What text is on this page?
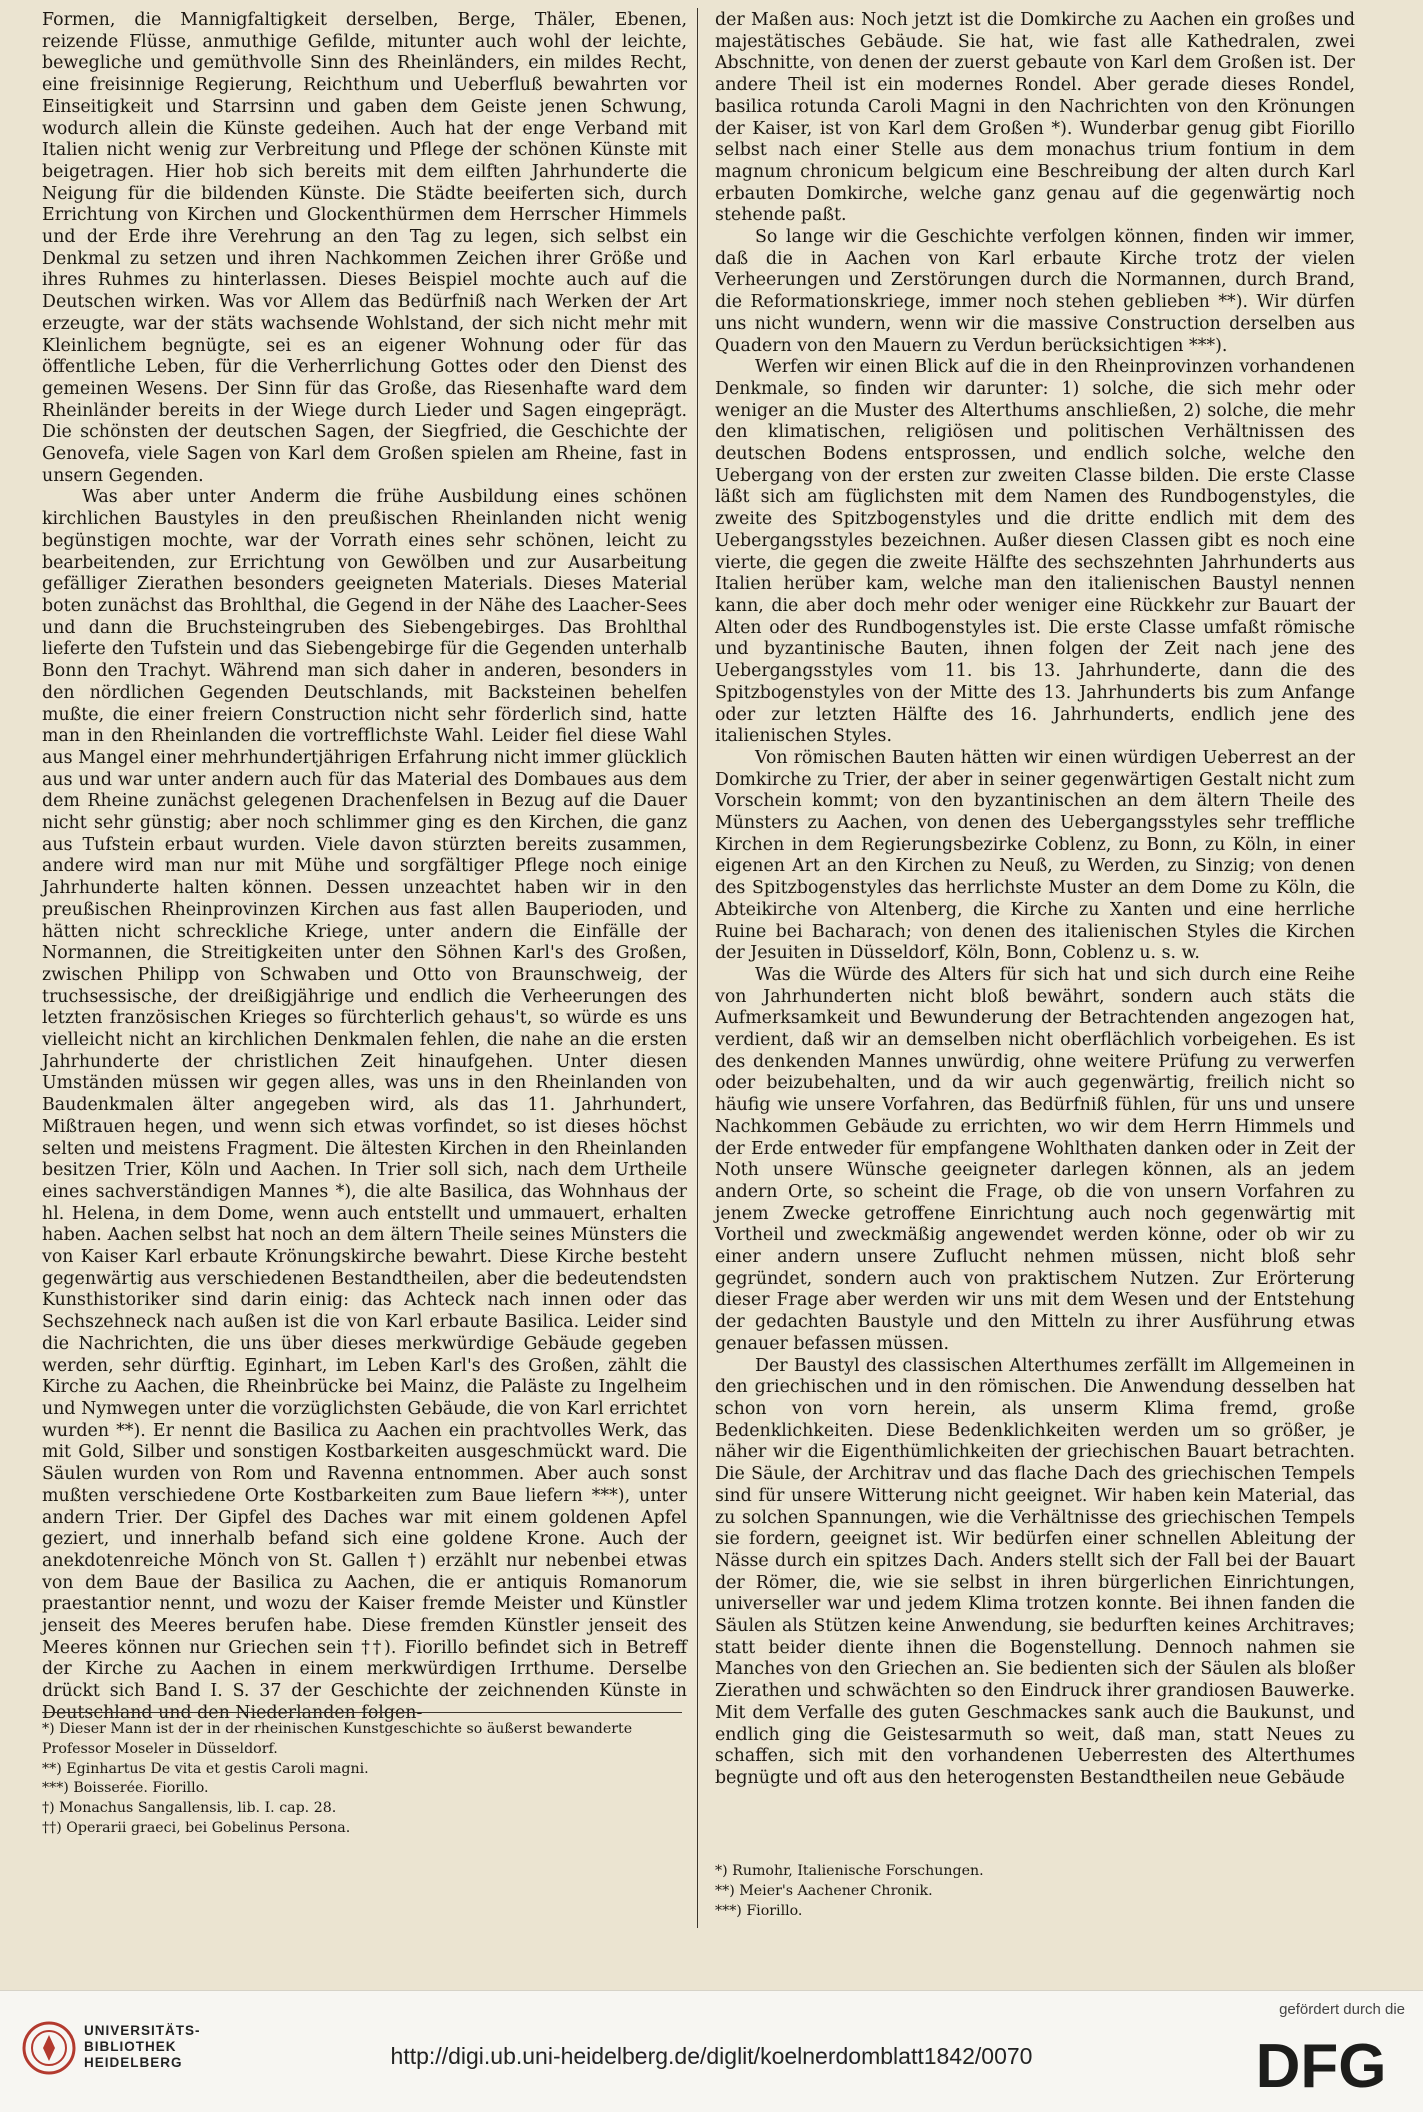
Formen, die Mannigfaltigkeit derselben, Berge, Thäler, Ebenen, reizende Flüsse, anmuthige Gefilde, mitunter auch wohl der leichte, bewegliche und gemüthvolle Sinn des Rheinländers, ein mildes Recht, eine freisinnige Regierung, Reichthum und Ueberfluß bewahrten vor Einseitigkeit und Starrsinn und gaben dem Geiste jenen Schwung, wodurch allein die Künste gedeihen. Auch hat der enge Verband mit Italien nicht wenig zur Verbreitung und Pflege der schönen Künste mit beigetragen. Hier hob sich bereits mit dem eilften Jahrhunderte die Neigung für die bildenden Künste. Die Städte beeiferten sich, durch Errichtung von Kirchen und Glockenthürmen dem Herrscher Himmels und der Erde ihre Verehrung an den Tag zu legen, sich selbst ein Denkmal zu setzen und ihren Nachkommen Zeichen ihrer Größe und ihres Ruhmes zu hinterlassen. Dieses Beispiel mochte auch auf die Deutschen wirken. Was vor Allem das Bedürfniß nach Werken der Art erzeugte, war der stäts wachsende Wohlstand, der sich nicht mehr mit Kleinlichem begnügte, sei es an eigener Wohnung oder für das öffentliche Leben, für die Verherrlichung Gottes oder den Dienst des gemeinen Wesens. Der Sinn für das Große, das Riesenhafte ward dem Rheinländer bereits in der Wiege durch Lieder und Sagen eingeprägt. Die schönsten der deutschen Sagen, der Siegfried, die Geschichte der Genovefa, viele Sagen von Karl dem Großen spielen am Rheine, fast in unsern Gegenden.

Was aber unter Anderm die frühe Ausbildung eines schönen kirchlichen Baustyles in den preußischen Rheinlanden nicht wenig begünstigen mochte, war der Vorrath eines sehr schönen, leicht zu bearbeitenden, zur Errichtung von Gewölben und zur Ausarbeitung gefälliger Zierathen besonders geeigneten Materials. Dieses Material boten zunächst das Brohlthal, die Gegend in der Nähe des Laacher-Sees und dann die Bruchsteingruben des Siebengebirges. Das Brohlthal lieferte den Tufstein und das Siebengebirge für die Gegenden unterhalb Bonn den Trachyt. Während man sich daher in anderen, besonders in den nördlichen Gegenden Deutschlands, mit Backsteinen behelfen mußte, die einer freiern Construction nicht sehr förderlich sind, hatte man in den Rheinlanden die vortrefflichste Wahl. Leider fiel diese Wahl aus Mangel einer mehrhundertjährigen Erfahrung nicht immer glücklich aus und war unter andern auch für das Material des Dombaues aus dem dem Rheine zunächst gelegenen Drachenfelsen in Bezug auf die Dauer nicht sehr günstig; aber noch schlimmer ging es den Kirchen, die ganz aus Tufstein erbaut wurden. Viele davon stürzten bereits zusammen, andere wird man nur mit Mühe und sorgfältiger Pflege noch einige Jahrhunderte halten können. Dessen unzeachtet haben wir in den preußischen Rheinprovinzen Kirchen aus fast allen Bauperioden, und hätten nicht schreckliche Kriege, unter andern die Einfälle der Normannen, die Streitigkeiten unter den Söhnen Karl's des Großen, zwischen Philipp von Schwaben und Otto von Braunschweig, der truchsessische, der dreißigjährige und endlich die Verheerungen des letzten französischen Krieges so fürchterlich gehaus't, so würde es uns vielleicht nicht an kirchlichen Denkmalen fehlen, die nahe an die ersten Jahrhunderte der christlichen Zeit hinaufgehen. Unter diesen Umständen müssen wir gegen alles, was uns in den Rheinlanden von Baudenkmalen älter angegeben wird, als das 11. Jahrhundert, Mißtrauen hegen, und wenn sich etwas vorfindet, so ist dieses höchst selten und meistens Fragment. Die ältesten Kirchen in den Rheinlanden besitzen Trier, Köln und Aachen. In Trier soll sich, nach dem Urtheile eines sachverständigen Mannes *), die alte Basilica, das Wohnhaus der hl. Helena, in dem Dome, wenn auch entstellt und ummauert, erhalten haben. Aachen selbst hat noch an dem ältern Theile seines Münsters die von Kaiser Karl erbaute Krönungskirche bewahrt. Diese Kirche besteht gegenwärtig aus verschiedenen Bestandtheilen, aber die bedeutendsten Kunsthistoriker sind darin einig: das Achteck nach innen oder das Sechszehneck nach außen ist die von Karl erbaute Basilica. Leider sind die Nachrichten, die uns über dieses merkwürdige Gebäude gegeben werden, sehr dürftig. Eginhart, im Leben Karl's des Großen, zählt die Kirche zu Aachen, die Rheinbrücke bei Mainz, die Paläste zu Ingelheim und Nymwegen unter die vorzüglichsten Gebäude, die von Karl errichtet wurden **). Er nennt die Basilica zu Aachen ein prachtvolles Werk, das mit Gold, Silber und sonstigen Kostbarkeiten ausgeschmückt ward. Die Säulen wurden von Rom und Ravenna entnommen. Aber auch sonst mußten verschiedene Orte Kostbarkeiten zum Baue liefern ***), unter andern Trier. Der Gipfel des Daches war mit einem goldenen Apfel geziert, und innerhalb befand sich eine goldene Krone. Auch der anekdotenreiche Mönch von St. Gallen †) erzählt nur nebenbei etwas von dem Baue der Basilica zu Aachen, die er antiquis Romanorum praestantior nennt, und wozu der Kaiser fremde Meister und Künstler jenseit des Meeres berufen habe. Diese fremden Künstler jenseit des Meeres können nur Griechen sein ††). Fiorillo befindet sich in Betreff der Kirche zu Aachen in einem merkwürdigen Irrthume. Derselbe drückt sich Band I. S. 37 der Geschichte der zeichnenden Künste in Deutschland und den Niederlanden folgen-

der Maßen aus: Noch jetzt ist die Domkirche zu Aachen ein großes und majestätisches Gebäude. Sie hat, wie fast alle Kathedralen, zwei Abschnitte, von denen der zuerst gebaute von Karl dem Großen ist. Der andere Theil ist ein modernes Rondel. Aber gerade dieses Rondel, basilica rotunda Caroli Magni in den Nachrichten von den Krönungen der Kaiser, ist von Karl dem Großen *). Wunderbar genug gibt Fiorillo selbst nach einer Stelle aus dem monachus trium fontium in dem magnum chronicum belgicum eine Beschreibung der alten durch Karl erbauten Domkirche, welche ganz genau auf die gegenwärtig noch stehende paßt.

So lange wir die Geschichte verfolgen können, finden wir immer, daß die in Aachen von Karl erbaute Kirche trotz der vielen Verheerungen und Zerstörungen durch die Normannen, durch Brand, die Reformationskriege, immer noch stehen geblieben **). Wir dürfen uns nicht wundern, wenn wir die massive Construction derselben aus Quadern von den Mauern zu Verdun berücksichtigen ***).

Werfen wir einen Blick auf die in den Rheinprovinzen vorhandenen Denkmale, so finden wir darunter: 1) solche, die sich mehr oder weniger an die Muster des Alterthums anschließen, 2) solche, die mehr den klimatischen, religiösen und politischen Verhältnissen des deutschen Bodens entsprossen, und endlich solche, welche den Uebergang von der ersten zur zweiten Classe bilden. Die erste Classe läßt sich am füglichsten mit dem Namen des Rundbogenstyles, die zweite des Spitzbogenstyles und die dritte endlich mit dem des Uebergangsstyles bezeichnen. Außer diesen Classen gibt es noch eine vierte, die gegen die zweite Hälfte des sechszehnten Jahrhunderts aus Italien herüber kam, welche man den italienischen Baustyl nennen kann, die aber doch mehr oder weniger eine Rückkehr zur Bauart der Alten oder des Rundbogenstyles ist. Die erste Classe umfaßt römische und byzantinische Bauten, ihnen folgen der Zeit nach jene des Uebergangsstyles vom 11. bis 13. Jahrhunderte, dann die des Spitzbogenstyles von der Mitte des 13. Jahrhunderts bis zum Anfange oder zur letzten Hälfte des 16. Jahrhunderts, endlich jene des italienischen Styles.

Von römischen Bauten hätten wir einen würdigen Ueberrest an der Domkirche zu Trier, der aber in seiner gegenwärtigen Gestalt nicht zum Vorschein kommt; von den byzantinischen an dem ältern Theile des Münsters zu Aachen, von denen des Uebergangsstyles sehr treffliche Kirchen in dem Regierungsbezirke Coblenz, zu Bonn, zu Köln, in einer eigenen Art an den Kirchen zu Neuß, zu Werden, zu Sinzig; von denen des Spitzbogenstyles das herrlichste Muster an dem Dome zu Köln, die Abteikirche von Altenberg, die Kirche zu Xanten und eine herrliche Ruine bei Bacharach; von denen des italienischen Styles die Kirchen der Jesuiten in Düsseldorf, Köln, Bonn, Coblenz u. s. w.

Was die Würde des Alters für sich hat und sich durch eine Reihe von Jahrhunderten nicht bloß bewährt, sondern auch stäts die Aufmerksamkeit und Bewunderung der Betrachtenden angezogen hat, verdient, daß wir an demselben nicht oberflächlich vorbeigehen. Es ist des denkenden Mannes unwürdig, ohne weitere Prüfung zu verwerfen oder beizubehalten, und da wir auch gegenwärtig, freilich nicht so häufig wie unsere Vorfahren, das Bedürfniß fühlen, für uns und unsere Nachkommen Gebäude zu errichten, wo wir dem Herrn Himmels und der Erde entweder für empfangene Wohlthaten danken oder in Zeit der Noth unsere Wünsche geeigneter darlegen können, als an jedem andern Orte, so scheint die Frage, ob die von unsern Vorfahren zu jenem Zwecke getroffene Einrichtung auch noch gegenwärtig mit Vortheil und zweckmäßig angewendet werden könne, oder ob wir zu einer andern unsere Zuflucht nehmen müssen, nicht bloß sehr gegründet, sondern auch von praktischem Nutzen. Zur Erörterung dieser Frage aber werden wir uns mit dem Wesen und der Entstehung der gedachten Baustyle und den Mitteln zu ihrer Ausführung etwas genauer befassen müssen.

Der Baustyl des classischen Alterthumes zerfällt im Allgemeinen in den griechischen und in den römischen. Die Anwendung desselben hat schon von vorn herein, als unserm Klima fremd, große Bedenklichkeiten. Diese Bedenklichkeiten werden um so größer, je näher wir die Eigenthümlichkeiten der griechischen Bauart betrachten. Die Säule, der Architrav und das flache Dach des griechischen Tempels sind für unsere Witterung nicht geeignet. Wir haben kein Material, das zu solchen Spannungen, wie die Verhältnisse des griechischen Tempels sie fordern, geeignet ist. Wir bedürfen einer schnellen Ableitung der Nässe durch ein spitzes Dach. Anders stellt sich der Fall bei der Bauart der Römer, die, wie sie selbst in ihren bürgerlichen Einrichtungen, universeller war und jedem Klima trotzen konnte. Bei ihnen fanden die Säulen als Stützen keine Anwendung, sie bedurften keines Architraves; statt beider diente ihnen die Bogenstellung. Dennoch nahmen sie Manches von den Griechen an. Sie bedienten sich der Säulen als bloßer Zierathen und schwächten so den Eindruck ihrer grandiosen Bauwerke. Mit dem Verfalle des guten Geschmackes sank auch die Baukunst, und endlich ging die Geistesarmuth so weit, daß man, statt Neues zu schaffen, sich mit den vorhandenen Ueberresten des Alterthumes begnügte und oft aus den heterogensten Bestandtheilen neue Gebäude

*) Dieser Mann ist der in der rheinischen Kunstgeschichte so äußerst bewanderte Professor Moseler in Düsseldorf.
**) Eginhartus De vita et gestis Caroli magni.
***) Boisserée. Fiorillo.
†) Monachus Sangallensis, lib. I. cap. 28.
††) Operarii graeci, bei Gobelinus Persona.
*) Rumohr, Italienische Forschungen.
**) Meier's Aachener Chronik.
***) Fiorillo.
UNIVERSITÄTS-
BIBLIOTHEK
HEIDELBERG	http://digi.ub.uni-heidelberg.de/diglit/koelnerdomblatt1842/0070
gefördert durch die
DFG
